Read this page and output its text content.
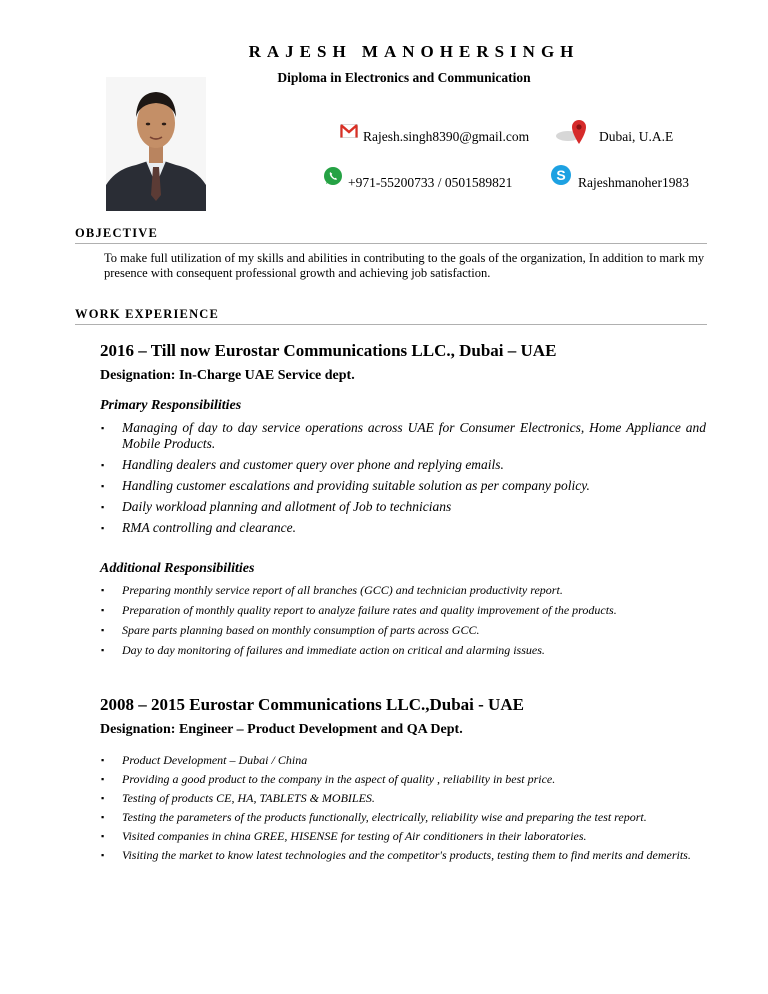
RAJESH MANOHERSINGH
Diploma in Electronics and Communication
Rajesh.singh8390@gmail.com	Dubai, U.A.E
+971-55200733 / 0501589821	S Rajeshmanoher1983
OBJECTIVE
To make full utilization of my skills and abilities in contributing to the goals of the organization, In addition to mark my presence with consequent professional growth and achieving job satisfaction.
WORK EXPERIENCE
2016 – Till now Eurostar Communications LLC., Dubai – UAE
Designation: In-Charge UAE Service dept.
Primary Responsibilities
▪ Managing of day to day service operations across UAE for Consumer Electronics, Home Appliance and Mobile Products.
▪ Handling dealers and customer query over phone and replying emails.
▪ Handling customer escalations and providing suitable solution as per company policy.
▪ Daily workload planning and allotment of Job to technicians
▪ RMA controlling and clearance.
Additional Responsibilities
▪ Preparing monthly service report of all branches (GCC) and technician productivity report.
▪ Preparation of monthly quality report to analyze failure rates and quality improvement of the products.
▪ Spare parts planning based on monthly consumption of parts across GCC.
▪ Day to day monitoring of failures and immediate action on critical and alarming issues.
2008 – 2015 Eurostar Communications LLC.,Dubai - UAE
Designation: Engineer – Product Development and QA Dept.
▪ Product Development – Dubai / China
▪ Providing a good product to the company in the aspect of quality , reliability in best price.
▪ Testing of products CE, HA, TABLETS & MOBILES.
▪ Testing the parameters of the products functionally, electrically, reliability wise and preparing the test report.
▪ Visited companies in china GREE, HISENSE for testing of Air conditioners in their laboratories.
▪ Visiting the market to know latest technologies and the competitor's products, testing them to find merits and demerits.
